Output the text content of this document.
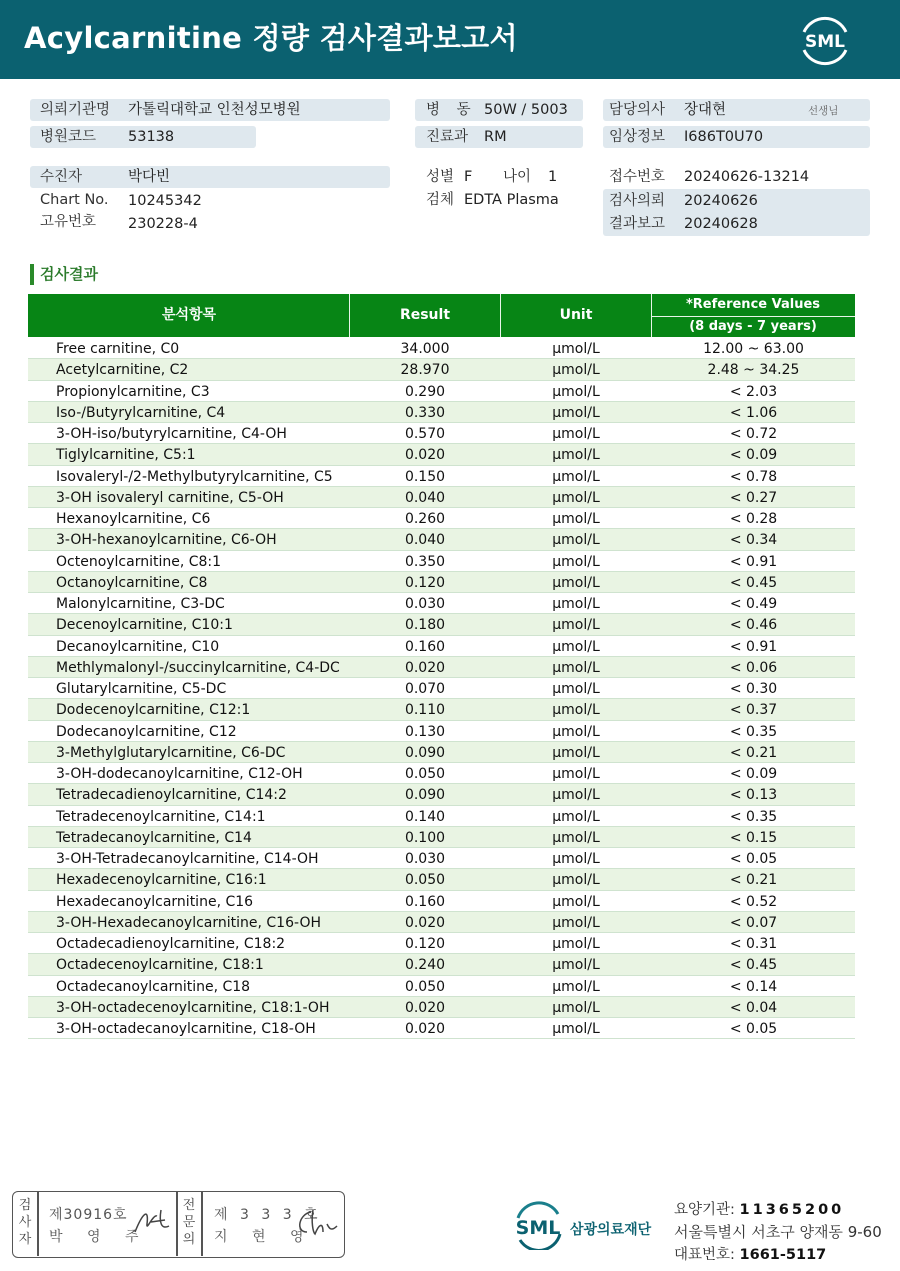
Acylcarnitine 정량 검사결과보고서	SML
의뢰기관명 가톨릭대학교 인천성모병원	병 동 50W / 5003	담당의사 장대현	선생님
병원코드 53138	진료과 RM	임상정보 I686T0U70
수진자	박다빈	성별 F 나이 1	접수번호 20240626-13214
Chart No. 10245342	검체 EDTA Plasma	검사의뢰 20240626
고유번호 230228-4	결과보고 20240628
검사결과
분석항목	Result	Unit
*Reference Values
(8 days - 7 years)
Free carnitine, C0	34.000	μmol/L	12.00 ~ 63.00
Acetylcarnitine, C2	28.970	μmol/L	2.48 ~ 34.25
Propionylcarnitine, C3	0.290	μmol/L	< 2.03
Iso-/Butyrylcarnitine, C4	0.330	μmol/L	< 1.06
3-OH-iso/butyrylcarnitine, C4-OH	0.570	μmol/L	< 0.72
Tiglylcarnitine, C5:1	0.020	μmol/L	< 0.09
Isovaleryl-/2-Methylbutyrylcarnitine, C5	0.150	μmol/L	< 0.78
3-OH isovaleryl carnitine, C5-OH	0.040	μmol/L	< 0.27
Hexanoylcarnitine, C6	0.260	μmol/L	< 0.28
3-OH-hexanoylcarnitine, C6-OH	0.040	μmol/L	< 0.34
Octenoylcarnitine, C8:1	0.350	μmol/L	< 0.91
Octanoylcarnitine, C8	0.120	μmol/L	< 0.45
Malonylcarnitine, C3-DC	0.030	μmol/L	< 0.49
Decenoylcarnitine, C10:1	0.180	μmol/L	< 0.46
Decanoylcarnitine, C10	0.160	μmol/L	< 0.91
Methlymalonyl-/succinylcarnitine, C4-DC	0.020	μmol/L	< 0.06
Glutarylcarnitine, C5-DC	0.070	μmol/L	< 0.30
Dodecenoylcarnitine, C12:1	0.110	μmol/L	< 0.37
Dodecanoylcarnitine, C12	0.130	μmol/L	< 0.35
3-Methylglutarylcarnitine, C6-DC	0.090	μmol/L	< 0.21
3-OH-dodecanoylcarnitine, C12-OH	0.050	μmol/L	< 0.09
Tetradecadienoylcarnitine, C14:2	0.090	μmol/L	< 0.13
Tetradecenoylcarnitine, C14:1	0.140	μmol/L	< 0.35
Tetradecanoylcarnitine, C14	0.100	μmol/L	< 0.15
3-OH-Tetradecanoylcarnitine, C14-OH	0.030	μmol/L	< 0.05
Hexadecenoylcarnitine, C16:1	0.050	μmol/L	< 0.21
Hexadecanoylcarnitine, C16	0.160	μmol/L	< 0.52
3-OH-Hexadecanoylcarnitine, C16-OH	0.020	μmol/L	< 0.07
Octadecadienoylcarnitine, C18:2	0.120	μmol/L	< 0.31
Octadecenoylcarnitine, C18:1	0.240	μmol/L	< 0.45
Octadecanoylcarnitine, C18	0.050	μmol/L	< 0.14
3-OH-octadecenoylcarnitine, C18:1-OH	0.020	μmol/L	< 0.04
3-OH-octadecanoylcarnitine, C18-OH	0.020	μmol/L	< 0.05
검
사
자
제30916호
박 영 주
전
문
의
제 3 3 3 호
지 현 영	SML 삼광의료재단
요양기관: 11365200
서울특별시 서초구 양재동 9-60
대표번호: 1661-5117
